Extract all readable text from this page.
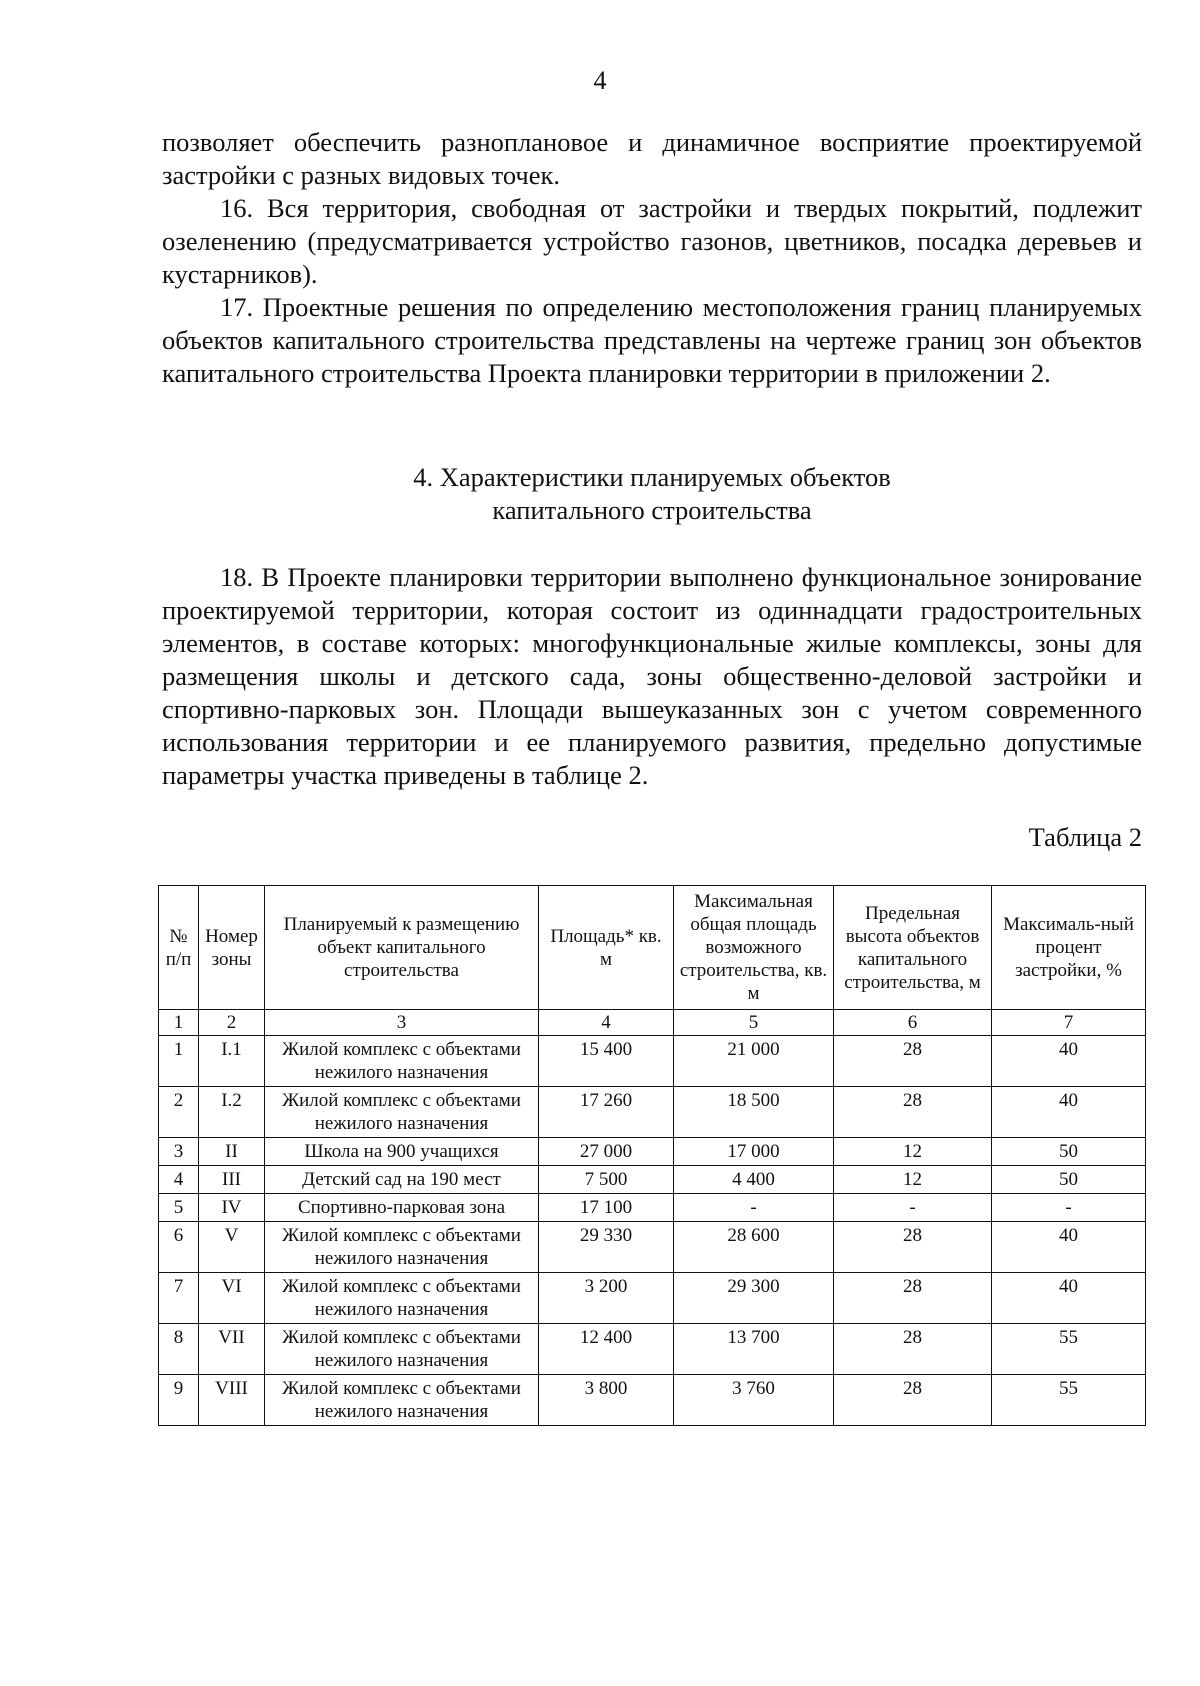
4

позволяет обеспечить разноплановое и динамичное восприятие проектируемой застройки с разных видовых точек.

16. Вся территория, свободная от застройки и твердых покрытий, подлежит озеленению (предусматривается устройство газонов, цветников, посадка деревьев и кустарников).

17. Проектные решения по определению местоположения границ планируемых объектов капитального строительства представлены на чертеже границ зон объектов капитального строительства Проекта планировки территории в приложении 2.

4. Характеристики планируемых объектов
капитального строительства

18. В Проекте планировки территории выполнено функциональное зонирование проектируемой территории, которая состоит из одиннадцати градостроительных элементов, в составе которых: многофункциональные жилые комплексы, зоны для размещения школы и детского сада, зоны общественно-деловой застройки и спортивно-парковых зон. Площади вышеуказанных зон с учетом современного использования территории и ее планируемого развития, предельно допустимые параметры участка приведены в таблице 2.

Таблица 2
№ п/п	Номер зоны	Планируемый к размещению объект капитального строительства	Площадь* кв. м	Максимальная общая площадь возможного строительства, кв. м	Предельная высота объектов капитального строительства, м	Максималь-ный процент застройки, %
1	2	3	4	5	6	7
1	I.1	Жилой комплекс с объектами нежилого назначения	15 400	21 000	28	40
2	I.2	Жилой комплекс с объектами нежилого назначения	17 260	18 500	28	40
3	II	Школа на 900 учащихся	27 000	17 000	12	50
4	III	Детский сад на 190 мест	7 500	4 400	12	50
5	IV	Спортивно-парковая зона	17 100	-	-	-
6	V	Жилой комплекс с объектами нежилого назначения	29 330	28 600	28	40
7	VI	Жилой комплекс с объектами нежилого назначения	3 200	29 300	28	40
8	VII	Жилой комплекс с объектами нежилого назначения	12 400	13 700	28	55
9	VIII	Жилой комплекс с объектами нежилого назначения	3 800	3 760	28	55
